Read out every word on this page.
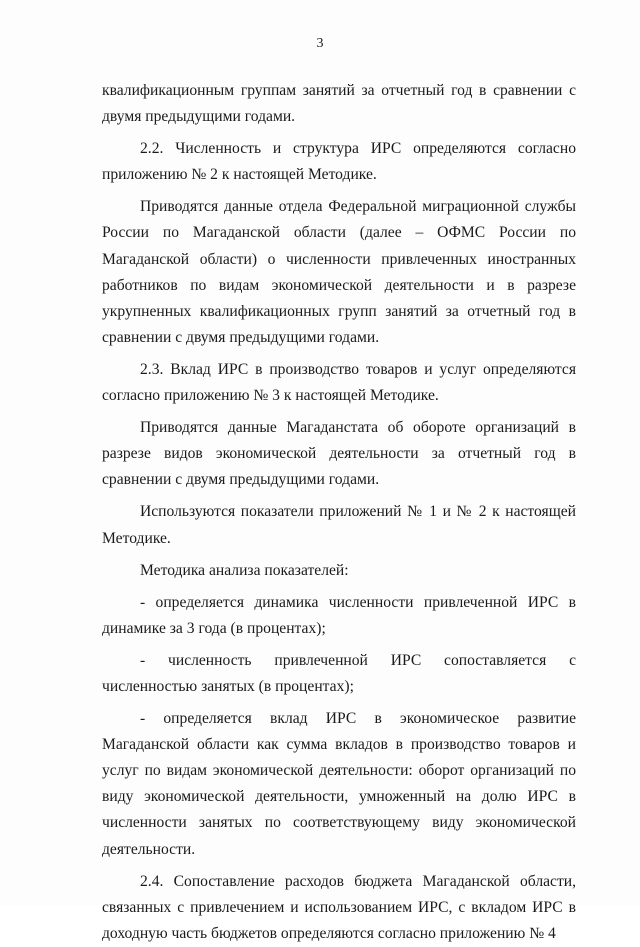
3

квалификационным группам занятий за отчетный год в сравнении с двумя предыдущими годами.

2.2. Численность и структура ИРС определяются согласно приложению № 2 к настоящей Методике.

Приводятся данные отдела Федеральной миграционной службы России по Магаданской области (далее – ОФМС России по Магаданской области) о численности привлеченных иностранных работников по видам экономической деятельности и в разрезе укрупненных квалификационных групп занятий за отчетный год в сравнении с двумя предыдущими годами.

2.3. Вклад ИРС в производство товаров и услуг определяются согласно приложению № 3 к настоящей Методике.

Приводятся данные Магаданстата об обороте организаций в разрезе видов экономической деятельности за отчетный год в сравнении с двумя предыдущими годами.

Используются показатели приложений № 1 и № 2 к настоящей Методике.

Методика анализа показателей:

- определяется динамика численности привлеченной ИРС в динамике за 3 года (в процентах);

- численность привлеченной ИРС сопоставляется с численностью занятых (в процентах);

- определяется вклад ИРС в экономическое развитие Магаданской области как сумма вкладов в производство товаров и услуг по видам экономической деятельности: оборот организаций по виду экономической деятельности, умноженный на долю ИРС в численности занятых по соответствующему виду экономической деятельности.

2.4. Сопоставление расходов бюджета Магаданской области, связанных с привлечением и использованием ИРС, с вкладом ИРС в доходную часть бюджетов определяются согласно приложению № 4
